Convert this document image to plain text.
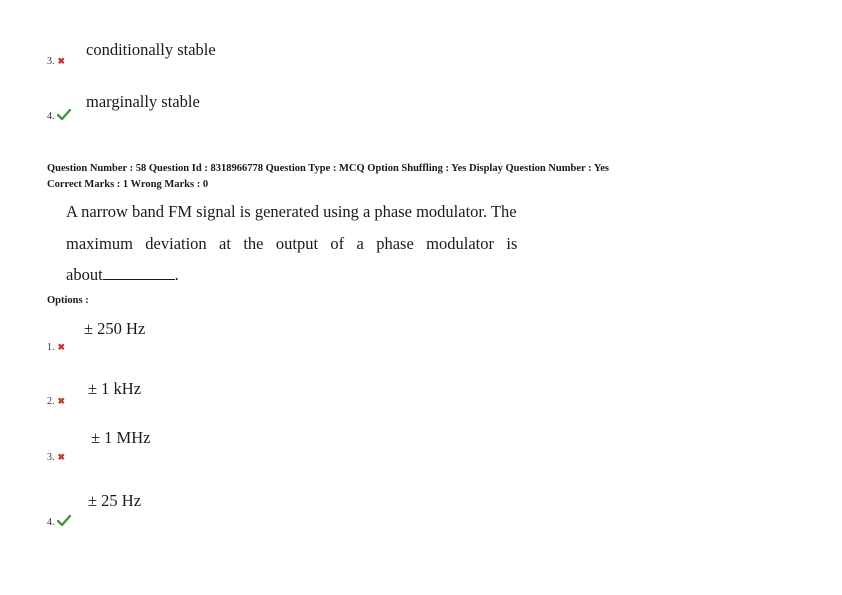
conditionally stable
3. ✖
marginally stable
4.
Question Number : 58 Question Id : 8318966778 Question Type : MCQ Option Shuffling : Yes Display Question Number : Yes
Correct Marks : 1 Wrong Marks : 0
A narrow band FM signal is generated using a phase modulator. The
maximum   deviation   at   the   output   of   a   phase   modulator   is
about	.
Options :
± 250 Hz
1. ✖
± 1 kHz
2. ✖
± 1 MHz
3. ✖
± 25 Hz
4.
